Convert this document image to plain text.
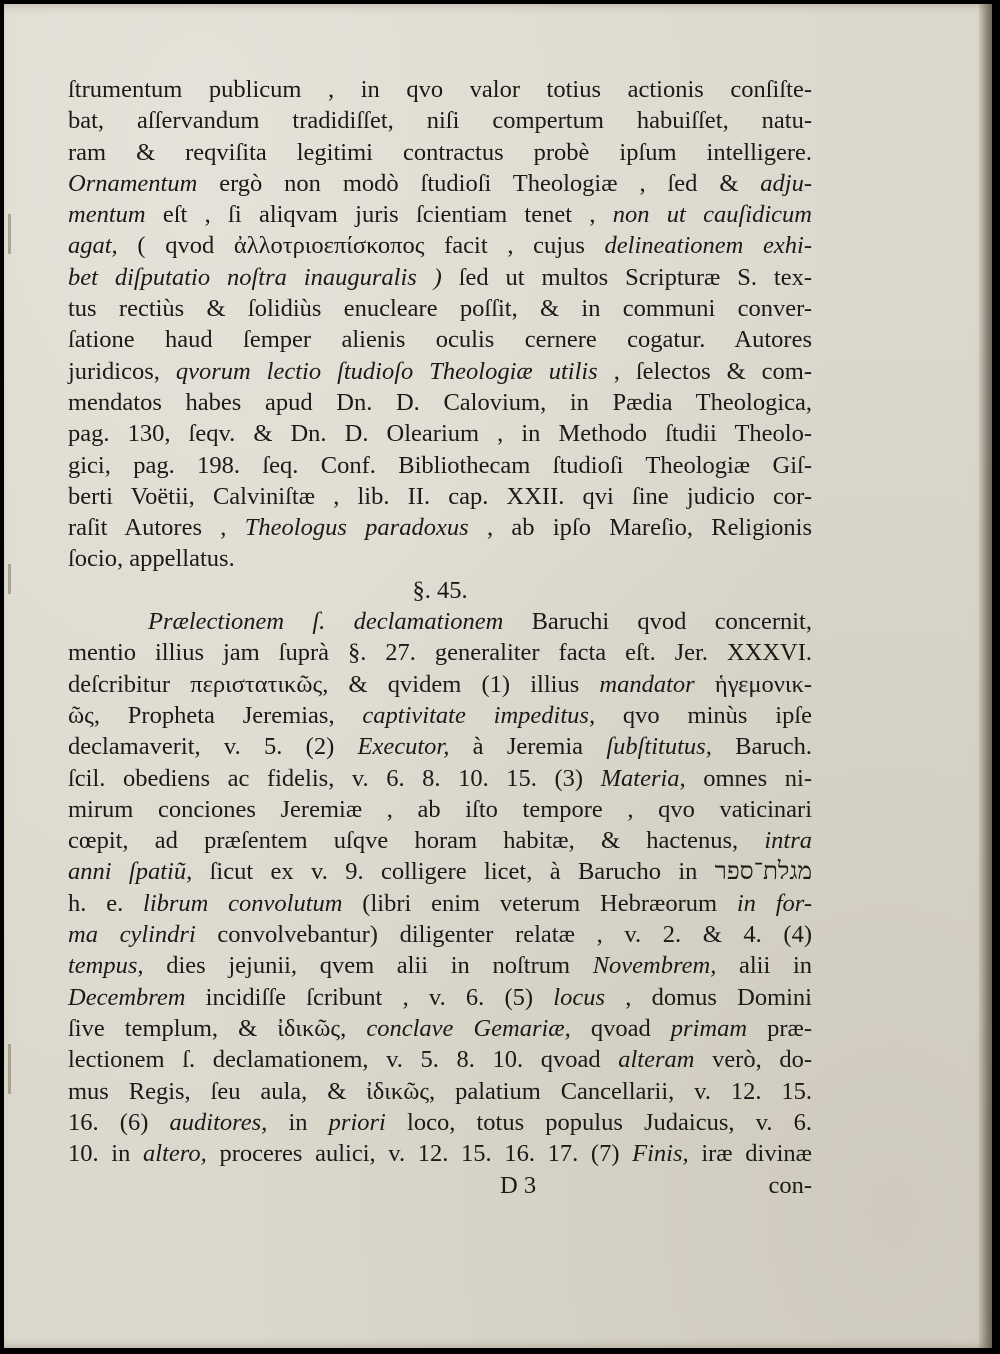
ſtrumentum publicum , in qvo valor totius actionis conſiſte-
bat, aſſervandum tradidiſſet, niſi compertum habuiſſet, natu-
ram & reqviſita legitimi contractus probè ipſum intelligere.
Ornamentum ergò non modò ſtudioſi Theologiæ , ſed & adju-
mentum eſt , ſi aliqvam juris ſcientiam tenet , non ut cauſidicum
agat, ( qvod ἀλλοτριοεπίσκοπος facit , cujus delineationem exhi-
bet diſputatio noſtra inauguralis ) ſed ut multos Scripturæ S. tex-
tus rectiùs & ſolidiùs enucleare poſſit, & in communi conver-
ſatione haud ſemper alienis oculis cernere cogatur. Autores
juridicos, qvorum lectio ſtudioſo Theologiæ utilis , ſelectos & com-
mendatos habes apud Dn. D. Calovium, in Pædia Theologica,
pag. 130, ſeqv. & Dn. D. Olearium , in Methodo ſtudii Theolo-
gici, pag. 198. ſeq. Conf. Bibliothecam ſtudioſi Theologiæ Giſ-
berti Voëtii, Calviniſtæ , lib. II. cap. XXII. qvi ſine judicio cor-
raſit Autores , Theologus paradoxus , ab ipſo Mareſio, Religionis
ſocio, appellatus.
§. 45.
Prælectionem ſ. declamationem Baruchi qvod concernit,
mentio illius jam ſuprà §. 27. generaliter facta eſt. Jer. XXXVI.
deſcribitur περιστατικῶς, & qvidem (1) illius mandator ἡγεμονικ-
ῶς, Propheta Jeremias, captivitate impeditus, qvo minùs ipſe
declamaverit, v. 5. (2) Executor, à Jeremia ſubſtitutus, Baruch.
ſcil. obediens ac fidelis, v. 6. 8. 10. 15. (3) Materia, omnes ni-
mirum conciones Jeremiæ , ab iſto tempore , qvo vaticinari
cœpit, ad præſentem uſqve horam habitæ, & hactenus, intra
anni ſpatiũ, ſicut ex v. 9. colligere licet, à Barucho in מגלת־ספר
h. e. librum convolutum (libri enim veterum Hebræorum in for-
ma cylindri convolvebantur) diligenter relatæ , v. 2. & 4. (4)
tempus, dies jejunii, qvem alii in noſtrum Novembrem, alii in
Decembrem incidiſſe ſcribunt , v. 6. (5) locus , domus Domini
ſive templum, & ἰδικῶς, conclave Gemariæ, qvoad primam præ-
lectionem ſ. declamationem, v. 5. 8. 10. qvoad alteram verò, do-
mus Regis, ſeu aula, & ἰδικῶς, palatium Cancellarii, v. 12. 15.
16. (6) auditores, in priori loco, totus populus Judaicus, v. 6.
10. in altero, proceres aulici, v. 12. 15. 16. 17. (7) Finis, iræ divinæ
D 3	con-
